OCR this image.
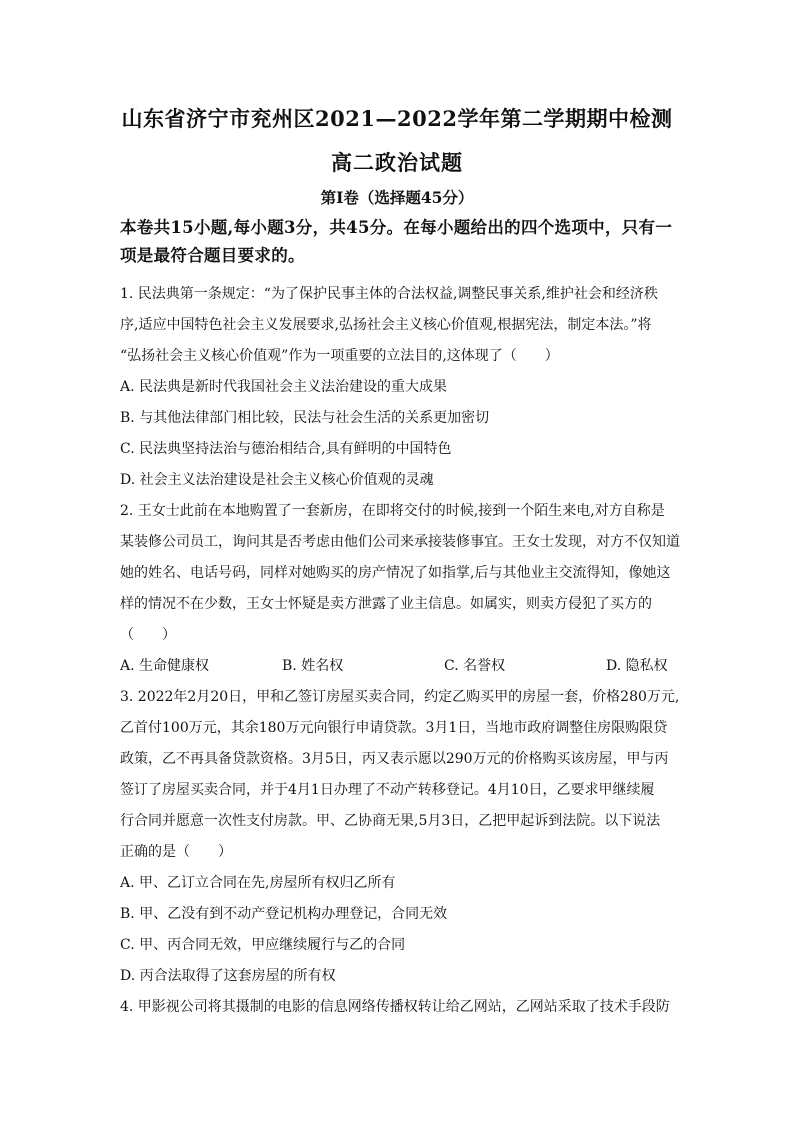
山东省济宁市兖州区2021—2022学年第二学期期中检测
高二政治试题
第I卷（选择题45分）
本卷共15小题,每小题3分，共45分。在每小题给出的四个选项中，只有一项是最符合题目要求的。
1. 民法典第一条规定：“为了保护民事主体的合法权益,调整民事关系,维护社会和经济秩
序,适应中国特色社会主义发展要求,弘扬社会主义核心价值观,根据宪法，制定本法。”将
“弘扬社会主义核心价值观”作为一项重要的立法目的,这体现了（　　）
A. 民法典是新时代我国社会主义法治建设的重大成果
B. 与其他法律部门相比较，民法与社会生活的关系更加密切
C. 民法典坚持法治与德治相结合,具有鲜明的中国特色
D. 社会主义法治建设是社会主义核心价值观的灵魂
2. 王女士此前在本地购置了一套新房，在即将交付的时候,接到一个陌生来电,对方自称是
某装修公司员工，询问其是否考虑由他们公司来承接装修事宜。王女士发现，对方不仅知道
她的姓名、电话号码，同样对她购买的房产情况了如指掌,后与其他业主交流得知，像她这
样的情况不在少数，王女士怀疑是卖方泄露了业主信息。如属实，则卖方侵犯了买方的
（　　）
A. 生命健康权	B. 姓名权	C. 名誉权	D. 隐私权
3. 2022年2月20日，甲和乙签订房屋买卖合同，约定乙购买甲的房屋一套，价格280万元,
乙首付100万元，其余180万元向银行申请贷款。3月1日，当地市政府调整住房限购限贷
政策，乙不再具备贷款资格。3月5日，丙又表示愿以290万元的价格购买该房屋，甲与丙
签订了房屋买卖合同，并于4月1日办理了不动产转移登记。4月10日，乙要求甲继续履
行合同并愿意一次性支付房款。甲、乙协商无果,5月3日，乙把甲起诉到法院。以下说法
正确的是（　　）
A. 甲、乙订立合同在先,房屋所有权归乙所有
B. 甲、乙没有到不动产登记机构办理登记，合同无效
C. 甲、丙合同无效，甲应继续履行与乙的合同
D. 丙合法取得了这套房屋的所有权
4. 甲影视公司将其摄制的电影的信息网络传播权转让给乙网站，乙网站采取了技术手段防
